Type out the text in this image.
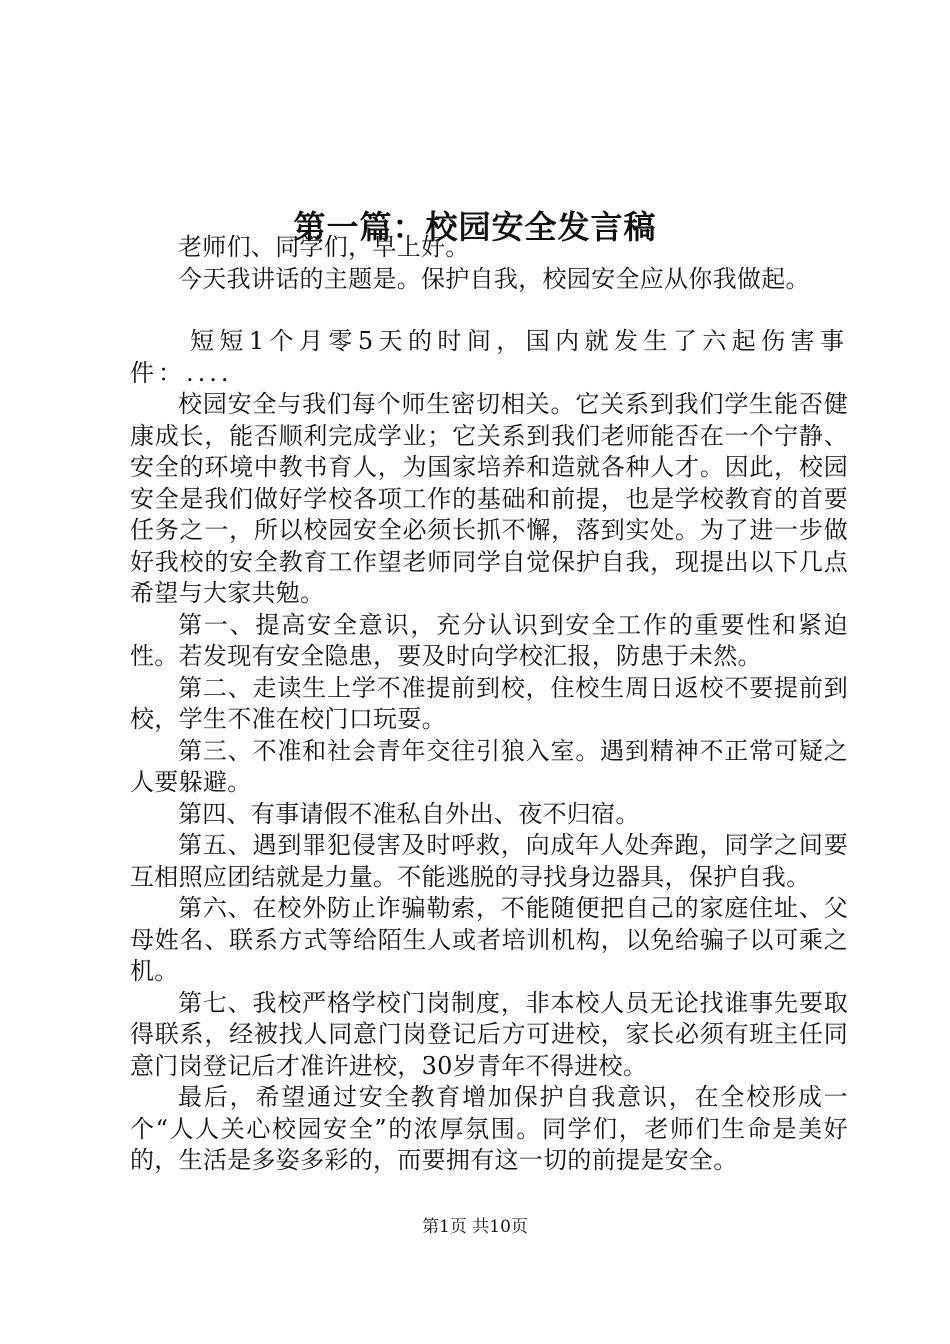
第一篇：校园安全发言稿

老师们、同学们，早上好。

今天我讲话的主题是。保护自我，校园安全应从你我做起。

短短1个月零5天的时间，国内就发生了六起伤害事件：....

校园安全与我们每个师生密切相关。它关系到我们学生能否健康成长，能否顺利完成学业；它关系到我们老师能否在一个宁静、安全的环境中教书育人，为国家培养和造就各种人才。因此，校园安全是我们做好学校各项工作的基础和前提，也是学校教育的首要任务之一，所以校园安全必须长抓不懈，落到实处。为了进一步做好我校的安全教育工作望老师同学自觉保护自我，现提出以下几点希望与大家共勉。

第一、提高安全意识，充分认识到安全工作的重要性和紧迫性。若发现有安全隐患，要及时向学校汇报，防患于未然。

第二、走读生上学不准提前到校，住校生周日返校不要提前到校，学生不准在校门口玩耍。

第三、不准和社会青年交往引狼入室。遇到精神不正常可疑之人要躲避。

第四、有事请假不准私自外出、夜不归宿。

第五、遇到罪犯侵害及时呼救，向成年人处奔跑，同学之间要互相照应团结就是力量。不能逃脱的寻找身边器具，保护自我。

第六、在校外防止诈骗勒索，不能随便把自己的家庭住址、父母姓名、联系方式等给陌生人或者培训机构，以免给骗子以可乘之机。

第七、我校严格学校门岗制度，非本校人员无论找谁事先要取得联系，经被找人同意门岗登记后方可进校，家长必须有班主任同意门岗登记后才准许进校，30岁青年不得进校。

最后，希望通过安全教育增加保护自我意识，在全校形成一个“人人关心校园安全”的浓厚氛围。同学们，老师们生命是美好的，生活是多姿多彩的，而要拥有这一切的前提是安全。

第1页 共10页
